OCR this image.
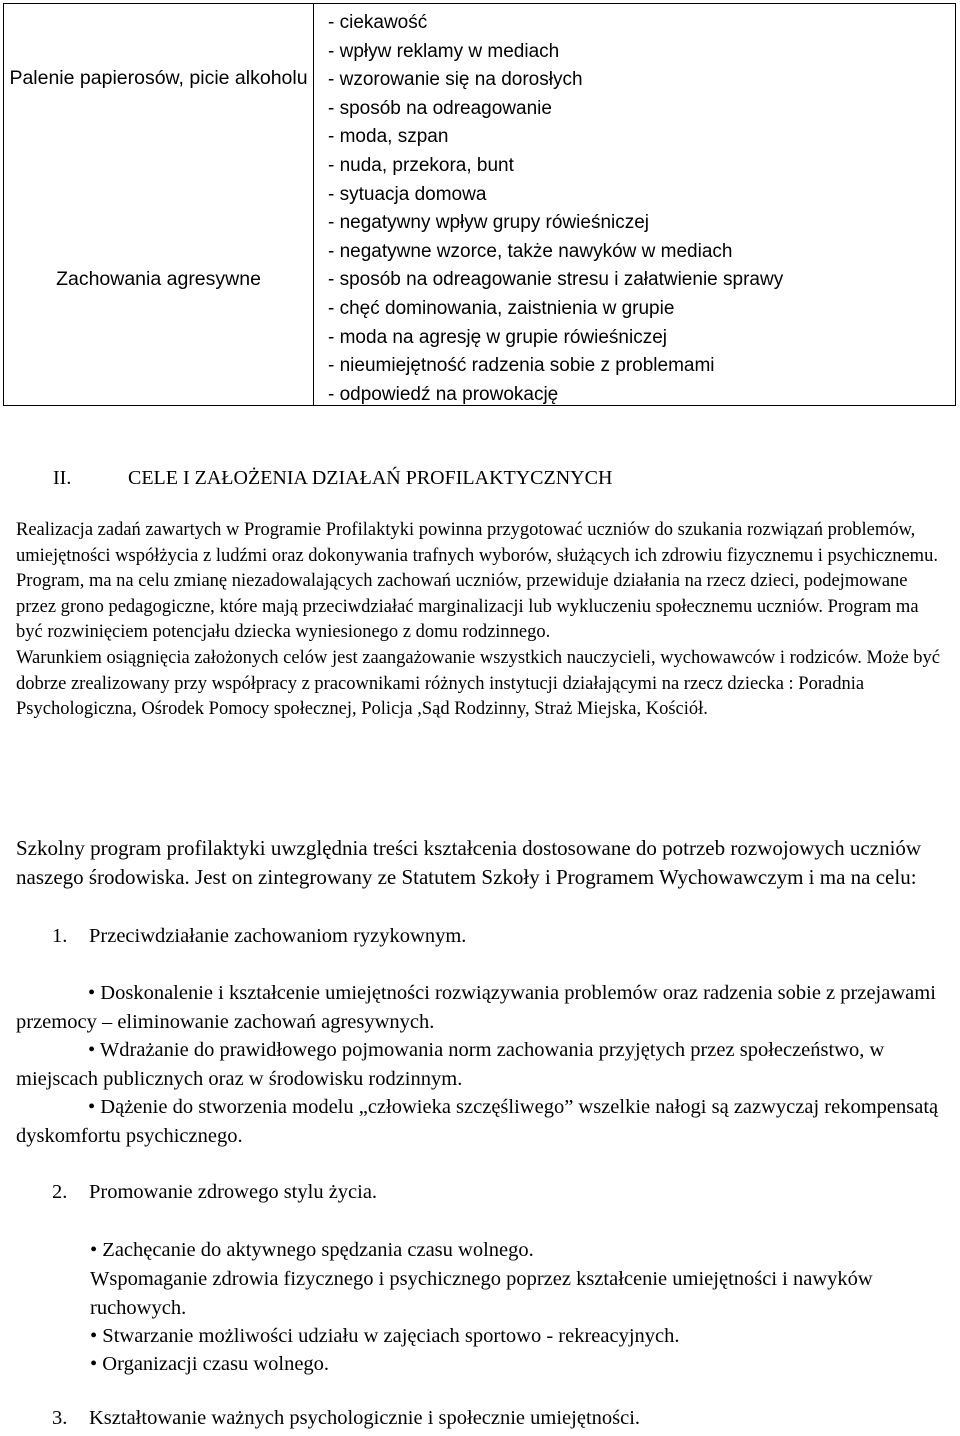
Palenie papierosów, picie alkoholu
Zachowania agresywne
- ciekawość
- wpływ reklamy w mediach
- wzorowanie się na dorosłych
- sposób na odreagowanie
- moda, szpan
- nuda, przekora, bunt
- sytuacja domowa
- negatywny wpływ grupy rówieśniczej
- negatywne wzorce, także nawyków w mediach
- sposób na odreagowanie stresu i załatwienie sprawy
- chęć dominowania, zaistnienia w grupie
- moda na agresję w grupie rówieśniczej
- nieumiejętność radzenia sobie z problemami
- odpowiedź na prowokację
II.	CELE I ZAŁOŻENIA DZIAŁAŃ PROFILAKTYCZNYCH
Realizacja zadań zawartych w Programie Profilaktyki powinna przygotować uczniów do szukania rozwiązań problemów, umiejętności współżycia z ludźmi oraz dokonywania trafnych wyborów, służących ich zdrowiu fizycznemu i psychicznemu. Program, ma na celu zmianę niezadowalających zachowań uczniów, przewiduje działania na rzecz dzieci, podejmowane przez grono pedagogiczne, które mają przeciwdziałać marginalizacji lub wykluczeniu społecznemu uczniów. Program ma być rozwinięciem potencjału dziecka wyniesionego z domu rodzinnego.
Warunkiem osiągnięcia założonych celów jest zaangażowanie wszystkich nauczycieli, wychowawców i rodziców. Może być dobrze zrealizowany przy współpracy z pracownikami różnych instytucji działającymi na rzecz dziecka : Poradnia Psychologiczna, Ośrodek Pomocy społecznej, Policja ,Sąd Rodzinny, Straż Miejska, Kościół.

Szkolny program profilaktyki uwzględnia treści kształcenia dostosowane do potrzeb rozwojowych uczniów naszego środowiska. Jest on zintegrowany ze Statutem Szkoły i Programem Wychowawczym i ma na celu:

1. Przeciwdziałanie zachowaniom ryzykownym.

• Doskonalenie i kształcenie umiejętności rozwiązywania problemów oraz radzenia sobie z przejawami przemocy – eliminowanie zachowań agresywnych.

• Wdrażanie do prawidłowego pojmowania norm zachowania przyjętych przez społeczeństwo, w miejscach publicznych oraz w środowisku rodzinnym.

• Dążenie do stworzenia modelu „człowieka szczęśliwego” wszelkie nałogi są zazwyczaj rekompensatą dyskomfortu psychicznego.

2. Promowanie zdrowego stylu życia.

• Zachęcanie do aktywnego spędzania czasu wolnego.

Wspomaganie zdrowia fizycznego i psychicznego poprzez kształcenie umiejętności i nawyków ruchowych.

• Stwarzanie możliwości udziału w zajęciach sportowo - rekreacyjnych.

• Organizacji czasu wolnego.

3. Kształtowanie ważnych psychologicznie i społecznie umiejętności.
